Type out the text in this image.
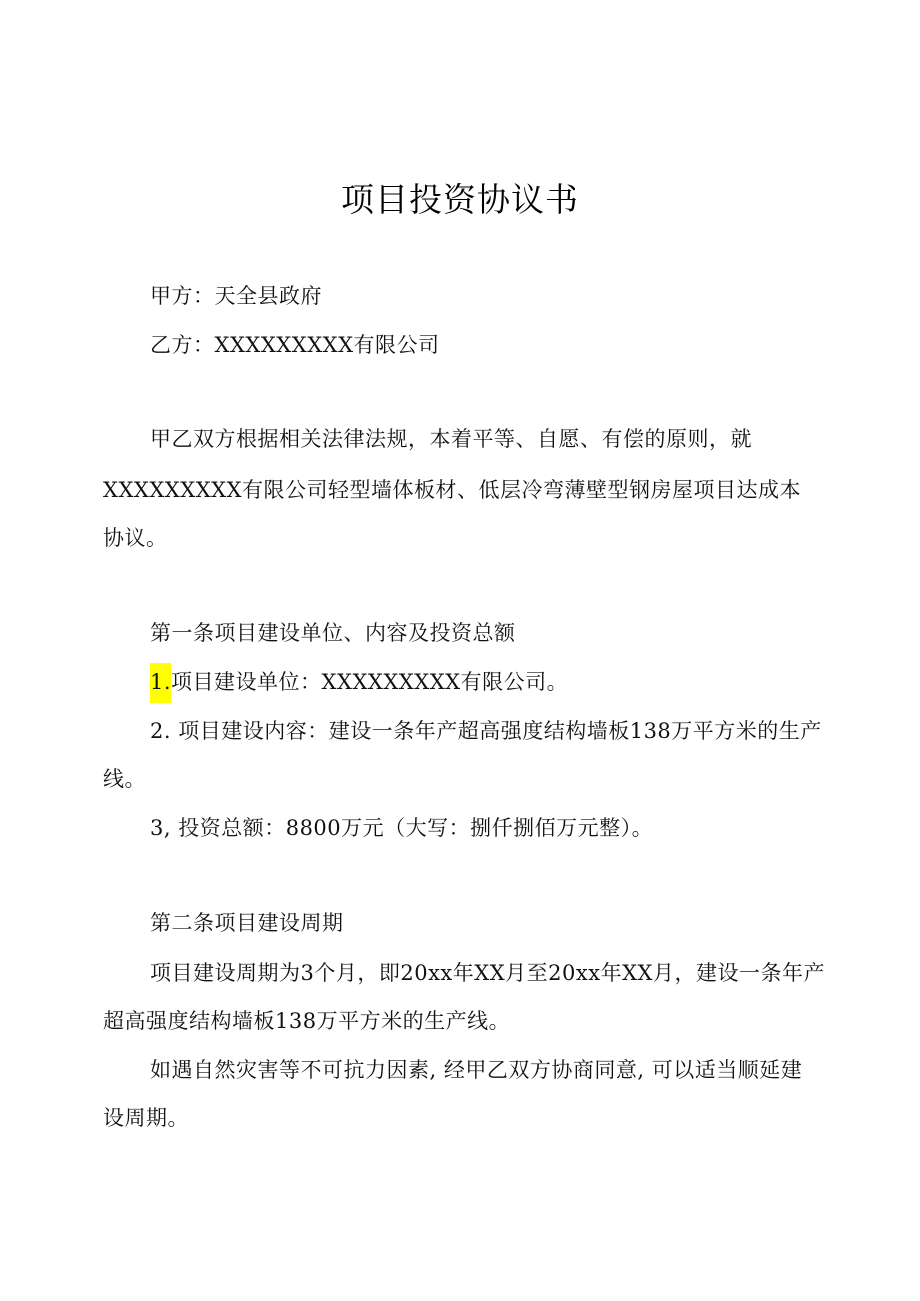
项目投资协议书
甲方：天全县政府
乙方：XXXXXXXXX有限公司
甲乙双方根据相关法律法规，本着平等、自愿、有偿的原则，就
XXXXXXXXX有限公司轻型墙体板材、低层冷弯薄壁型钢房屋项目达成本
协议。
第一条项目建设单位、内容及投资总额
1.项目建设单位：XXXXXXXXX有限公司。
2. 项目建设内容：建设一条年产超高强度结构墙板138万平方米的生产
线。
3, 投资总额：8800万元（大写：捌仟捌佰万元整）。
第二条项目建设周期
项目建设周期为3个月，即20xx年XX月至20xx年XX月，建设一条年产
超高强度结构墙板138万平方米的生产线。
如遇自然灾害等不可抗力因素, 经甲乙双方协商同意, 可以适当顺延建
设周期。
